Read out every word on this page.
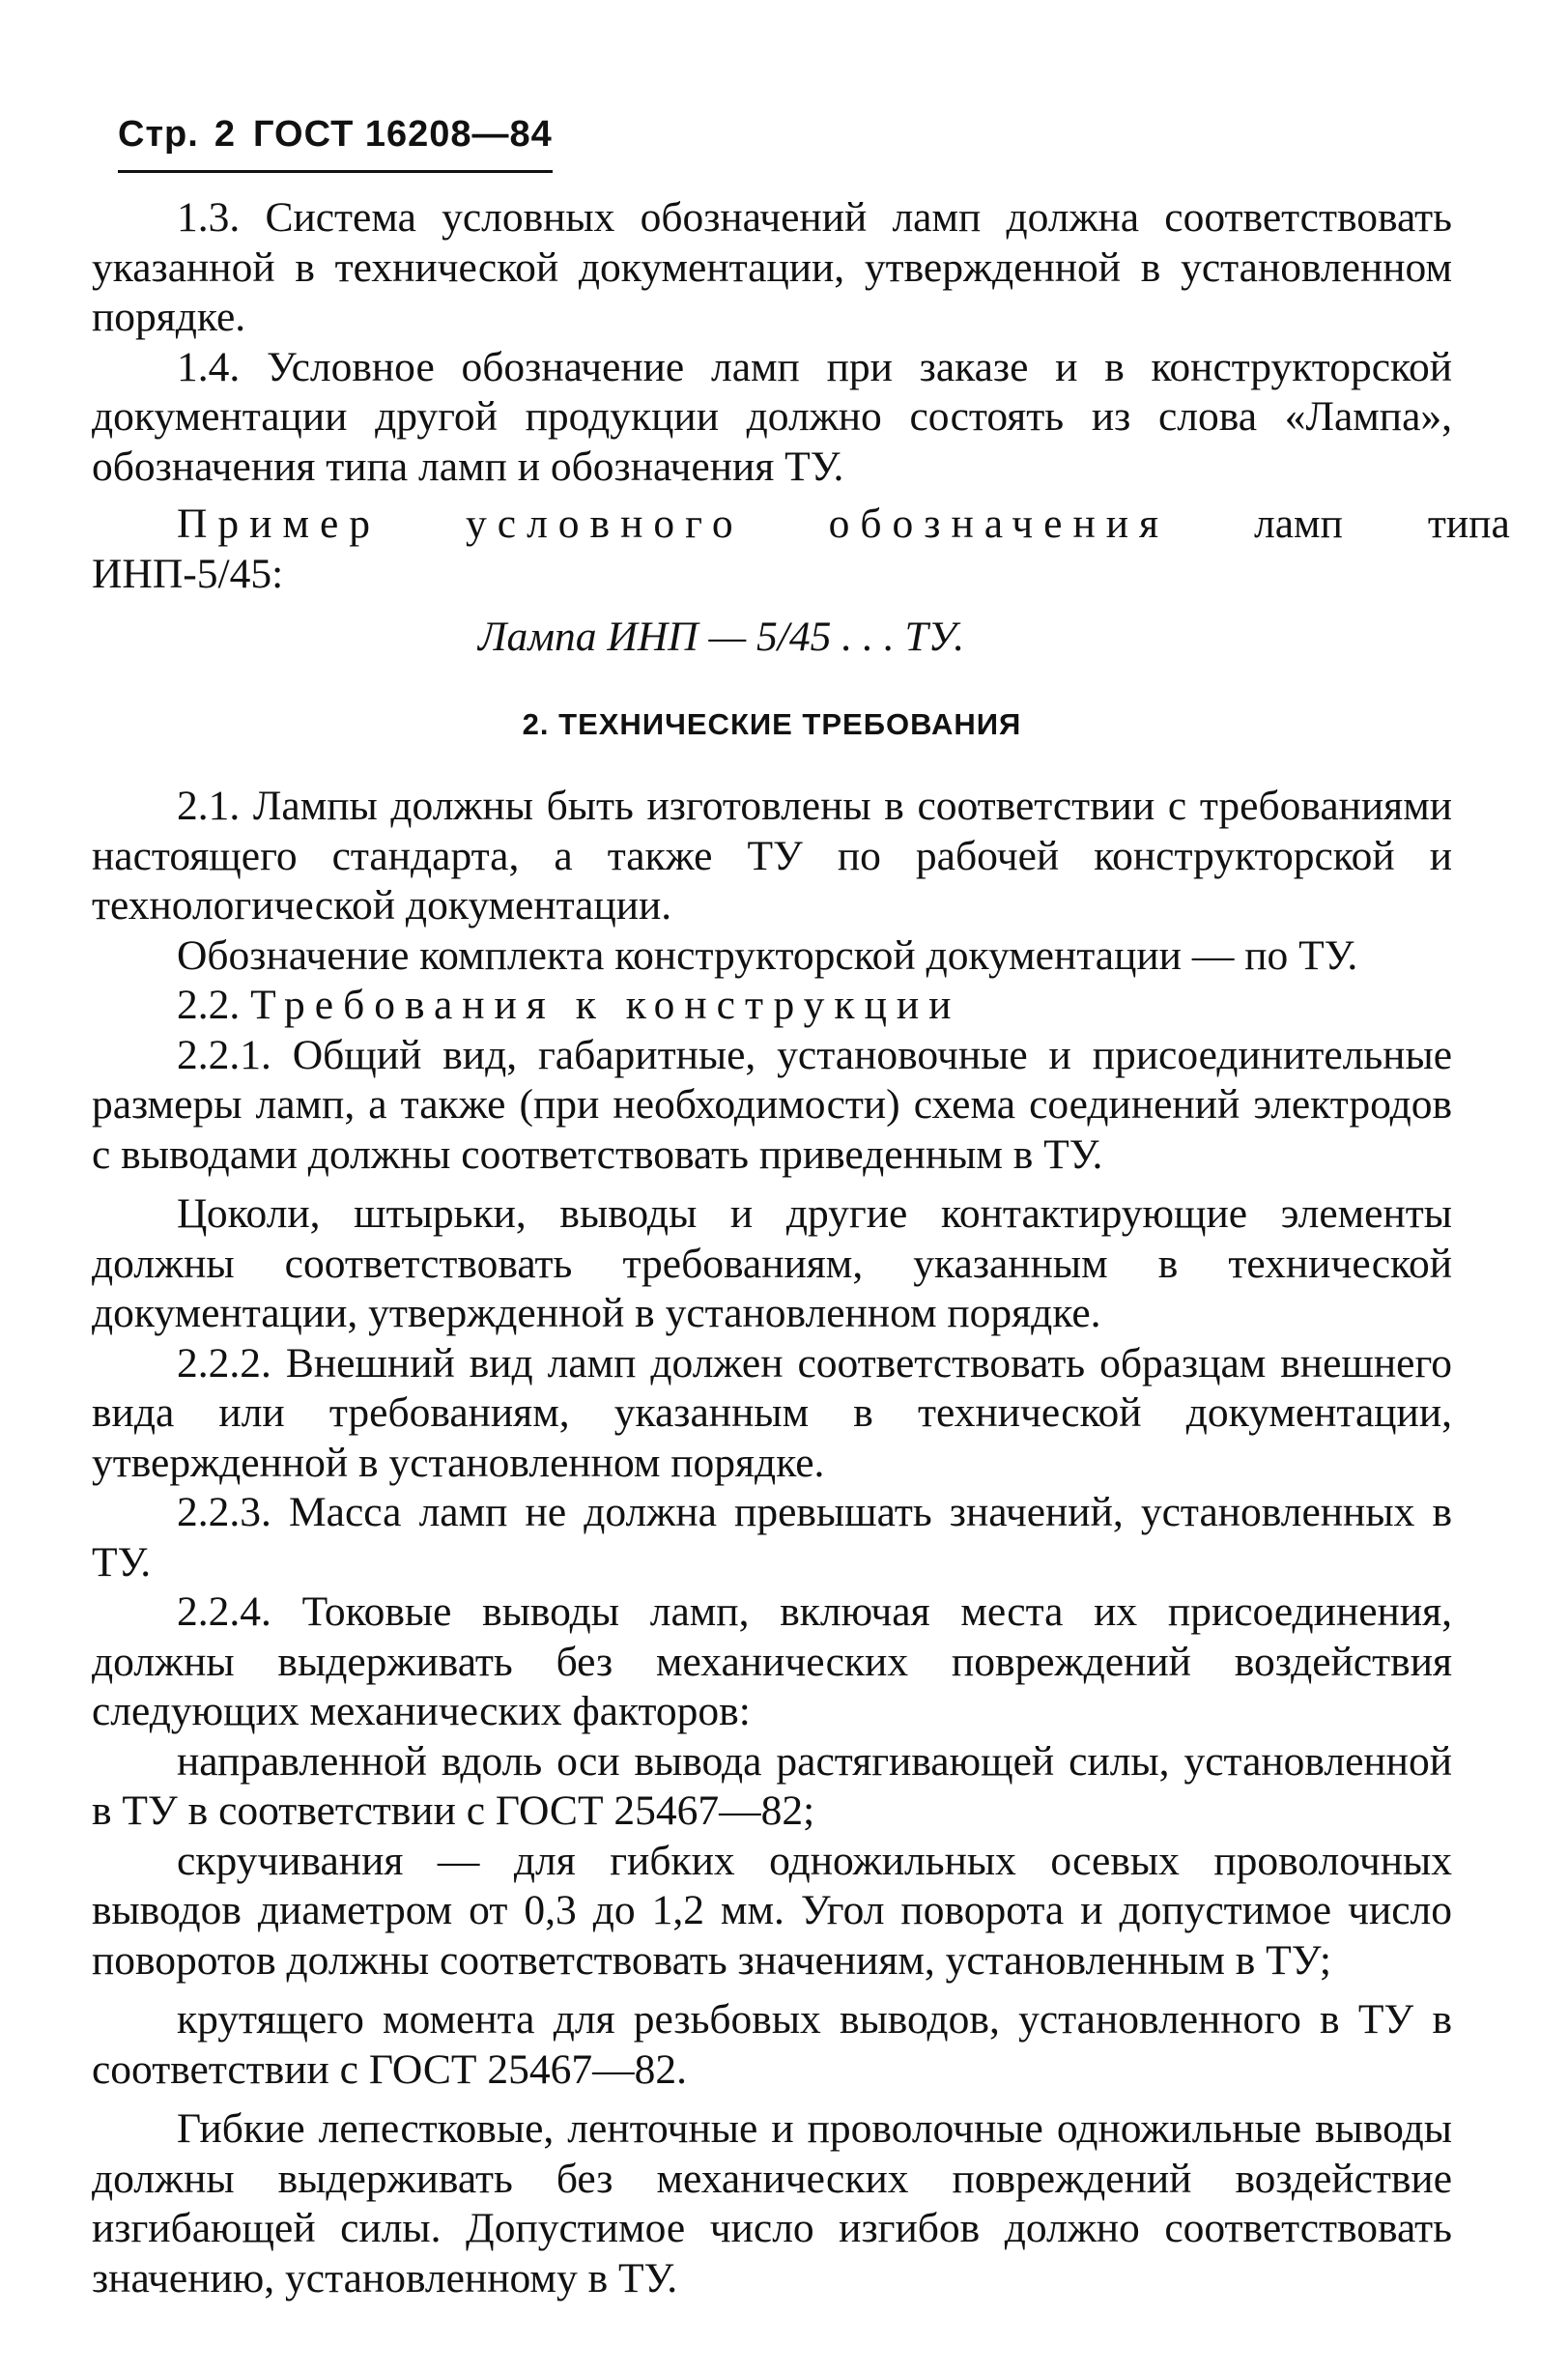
Стр. 2 ГОСТ 16208—84

1.3. Система условных обозначений ламп должна соответствовать указанной в технической документации, утвержденной в установленном порядке.

1.4. Условное обозначение ламп при заказе и в конструкторской документации другой продукции должно состоять из слова «Лампа», обозначения типа ламп и обозначения ТУ.

Пример	условного	обозначения	ламп	типа

ИНП-5/45:

Лампа ИНП — 5/45 . . . ТУ.

2. ТЕХНИЧЕСКИЕ ТРЕБОВАНИЯ

2.1. Лампы должны быть изготовлены в соответствии с требованиями настоящего стандарта, а также ТУ по рабочей конструкторской и технологической документации.

Обозначение комплекта конструкторской документации — по ТУ.

2.2. Требования к конструкции

2.2.1. Общий вид, габаритные, установочные и присоединительные размеры ламп, а также (при необходимости) схема соединений электродов с выводами должны соответствовать приведенным в ТУ.

Цоколи, штырьки, выводы и другие контактирующие элементы должны соответствовать требованиям, указанным в технической документации, утвержденной в установленном порядке.

2.2.2. Внешний вид ламп должен соответствовать образцам внешнего вида или требованиям, указанным в технической документации, утвержденной в установленном порядке.

2.2.3. Масса ламп не должна превышать значений, установленных в ТУ.

2.2.4. Токовые выводы ламп, включая места их присоединения, должны выдерживать без механических повреждений воздействия следующих механических факторов:

направленной вдоль оси вывода растягивающей силы, установленной в ТУ в соответствии с ГОСТ 25467—82;

скручивания — для гибких одножильных осевых проволочных выводов диаметром от 0,3 до 1,2 мм. Угол поворота и допустимое число поворотов должны соответствовать значениям, установленным в ТУ;

крутящего момента для резьбовых выводов, установленного в ТУ в соответствии с ГОСТ 25467—82.

Гибкие лепестковые, ленточные и проволочные одножильные выводы должны выдерживать без механических повреждений воздействие изгибающей силы. Допустимое число изгибов должно соответствовать значению, установленному в ТУ.
